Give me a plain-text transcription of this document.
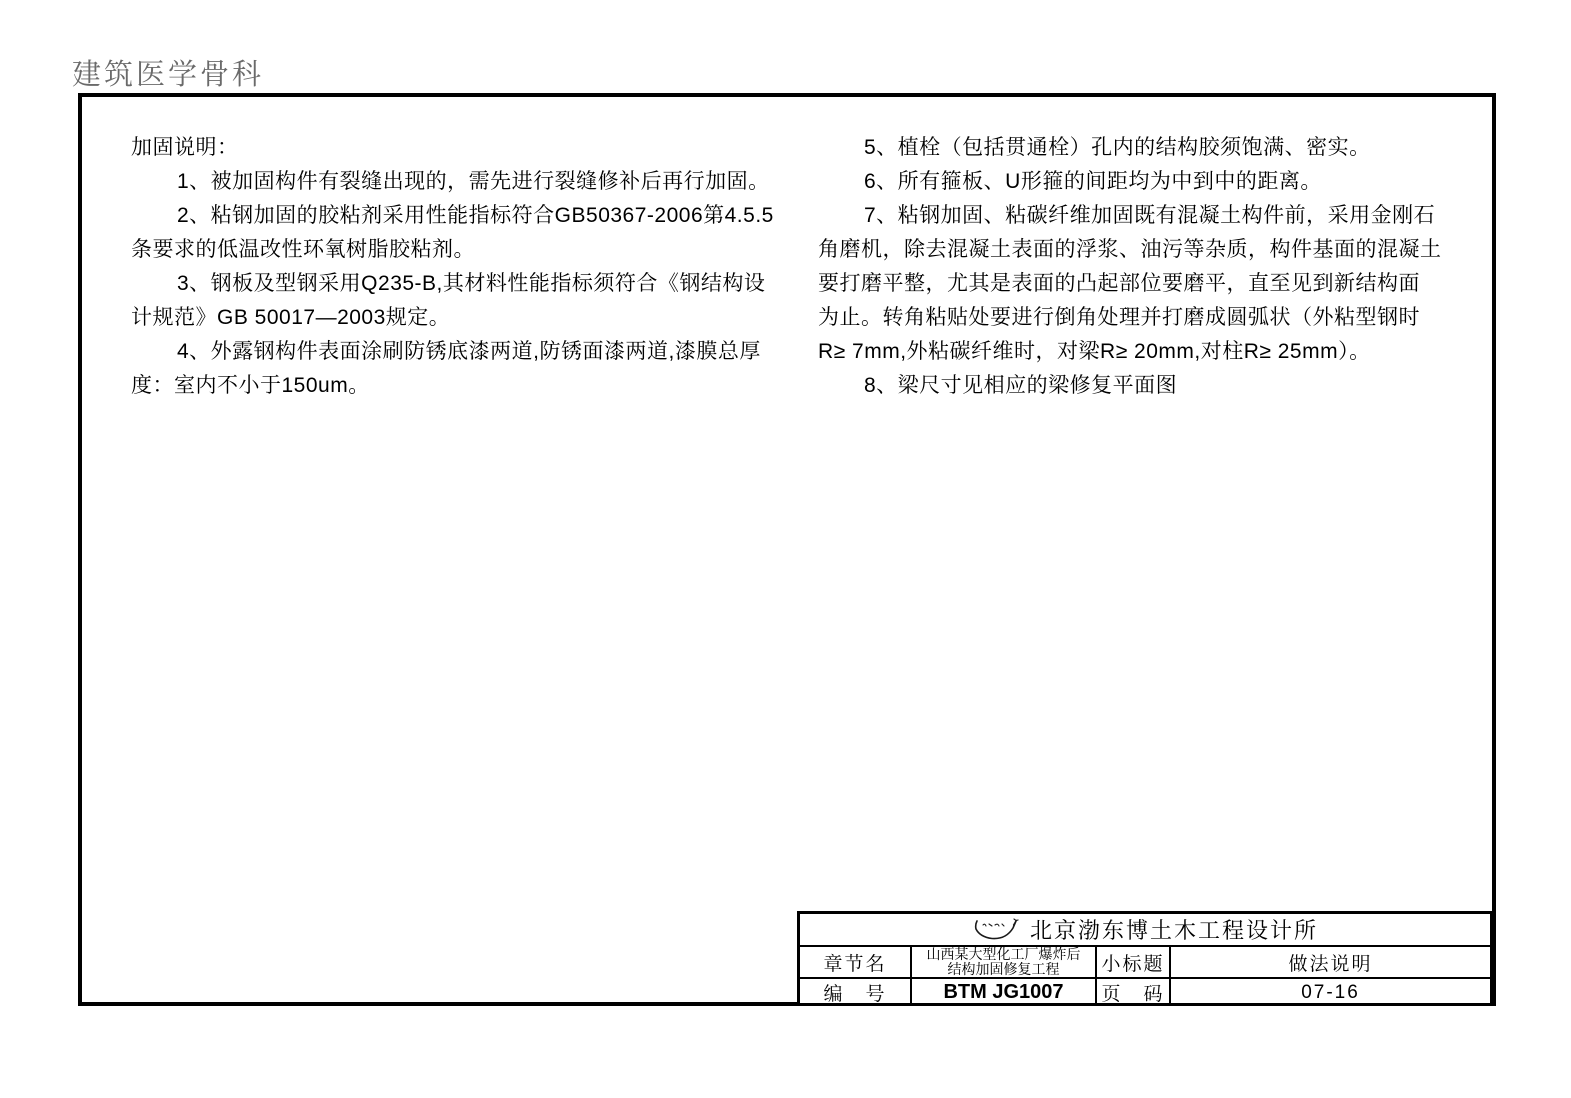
建筑医学骨科
加固说明：
1、被加固构件有裂缝出现的，需先进行裂缝修补后再行加固。
2、粘钢加固的胶粘剂采用性能指标符合GB50367-2006第4.5.5
条要求的低温改性环氧树脂胶粘剂。
3、钢板及型钢采用Q235-B,其材料性能指标须符合《钢结构设
计规范》GB 50017—2003规定。
4、外露钢构件表面涂刷防锈底漆两道,防锈面漆两道,漆膜总厚
度：室内不小于150um。
5、植栓（包括贯通栓）孔内的结构胶须饱满、密实。
6、所有箍板、U形箍的间距均为中到中的距离。
7、粘钢加固、粘碳纤维加固既有混凝土构件前，采用金刚石
角磨机，除去混凝土表面的浮浆、油污等杂质，构件基面的混凝土
要打磨平整，尤其是表面的凸起部位要磨平，直至见到新结构面
为止。转角粘贴处要进行倒角处理并打磨成圆弧状（外粘型钢时
R≥ 7mm,外粘碳纤维时，对梁R≥ 20mm,对柱R≥ 25mm）。
8、梁尺寸见相应的梁修复平面图
北京渤东博土木工程设计所
章节名	山西某大型化工厂爆炸后
结构加固修复工程	小标题	做法说明
编　号	BTM JG1007	页　码	07-16
